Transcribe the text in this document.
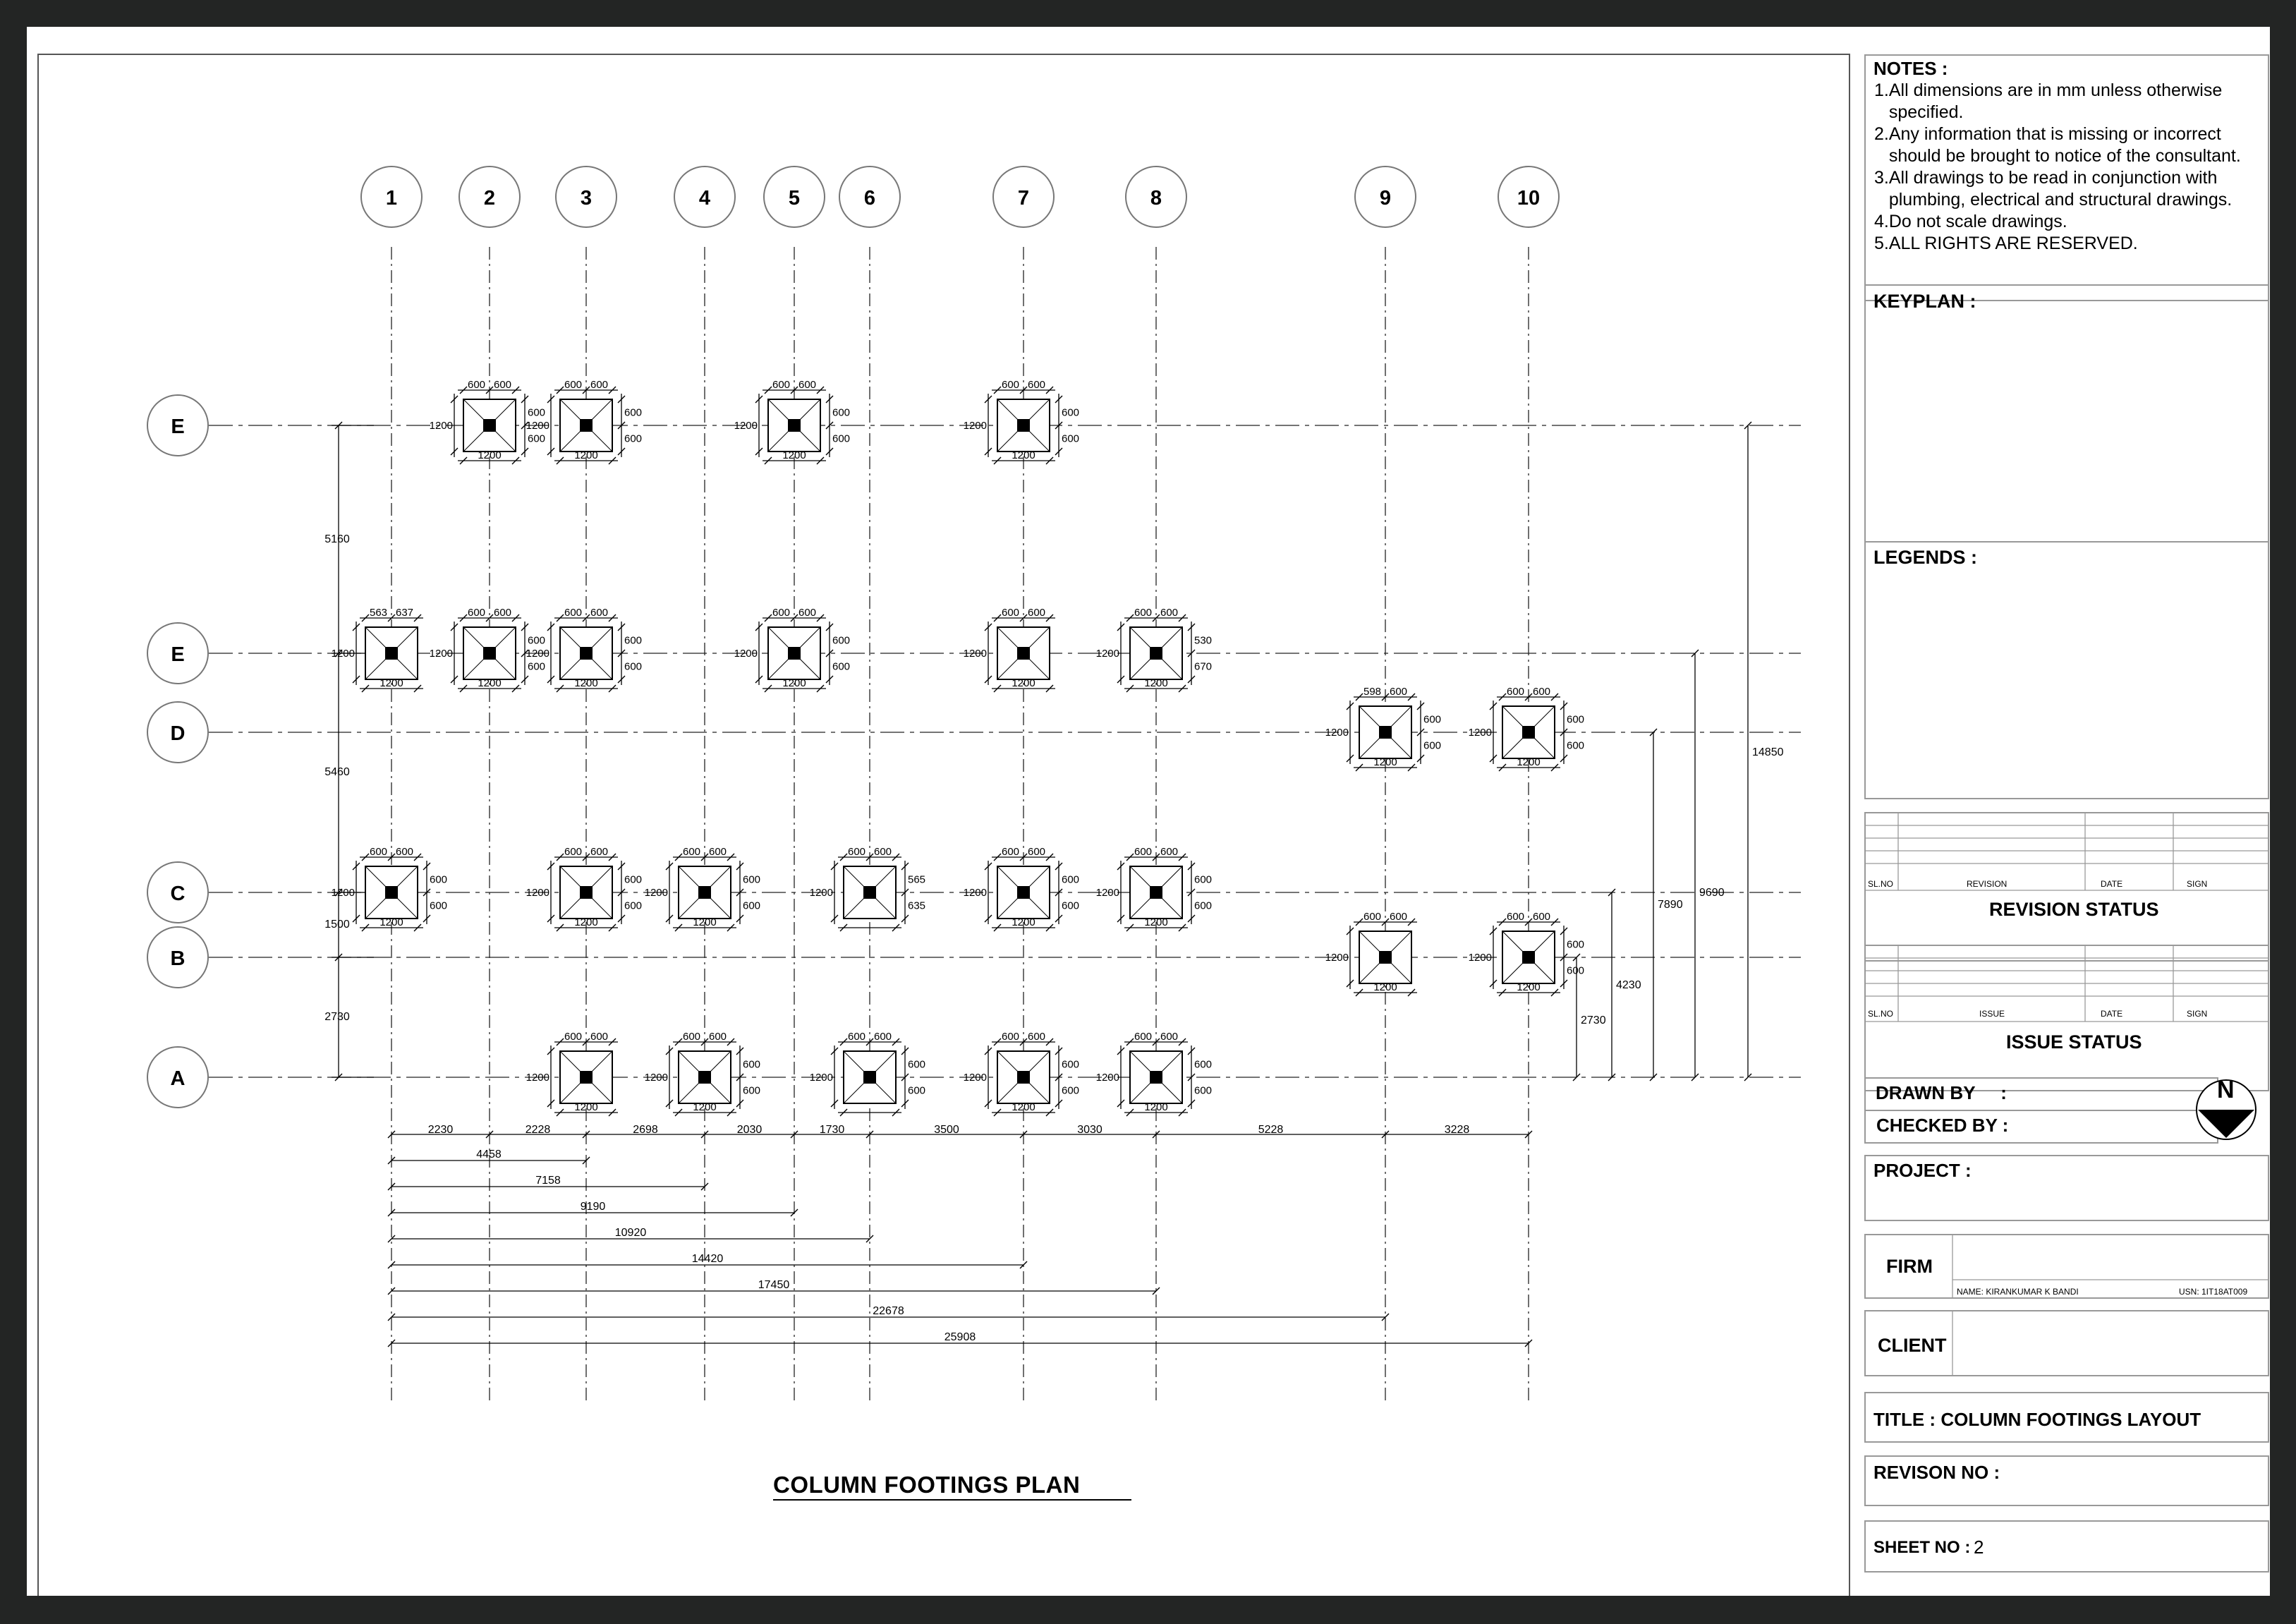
5160
5460
1500
2730	2730
4230
7890
9690
14850
2230	2228	2698	2030	1730	3500	3030	5228	3228
4458
7158
9190
10920
14420
17450
22678
25908
600 600
1200
1200
600
600
600 600
1200
1200
600
600
600 600
1200
1200
600
600
600 600
1200
1200
600
600
563 637
1200
1200
600 600
1200
1200
600
600
600 600
1200
1200
600
600
600 600
1200
1200
600
600
600 600
1200
1200
600 600
1200
1200
530
670
598 600
1200
1200
600
600
600 600
1200
1200
600
600
600 600
1200
1200
600
600
600 600
1200
1200
600
600
600 600
1200
1200
600
600
600 600
1200
565
635
600 600
1200
1200
600
600
600 600
1200
1200
600
600
600 600
1200
1200
600 600
1200
1200
600
600
600 600
1200
1200
600 600
1200
1200
600
600
600 600
1200
600
600
600 600
1200
1200
600
600
600 600
1200
1200
600
600
1	2	3	4	5	6	7	8	9	10
E
E
D
C
B
A
COLUMN FOOTINGS PLAN
NOTES :
1.All dimensions are in mm unless otherwise
specified.
2.Any information that is missing or incorrect
should be brought to notice of the consultant.
3.All drawings to be read in conjunction with
plumbing, electrical and structural drawings.
4.Do not scale drawings.
5.ALL RIGHTS ARE RESERVED.
KEYPLAN :
LEGENDS :
SL.NO	REVISION	DATE	SIGN
REVISION STATUS
SL.NO	ISSUE	DATE	SIGN
ISSUE STATUS
DRAWN BY     :
CHECKED BY :
N
PROJECT :
FIRM
NAME: KIRANKUMAR K BANDI	USN: 1IT18AT009
CLIENT
TITLE : COLUMN FOOTINGS LAYOUT
REVISON NO :
SHEET NO : 2
